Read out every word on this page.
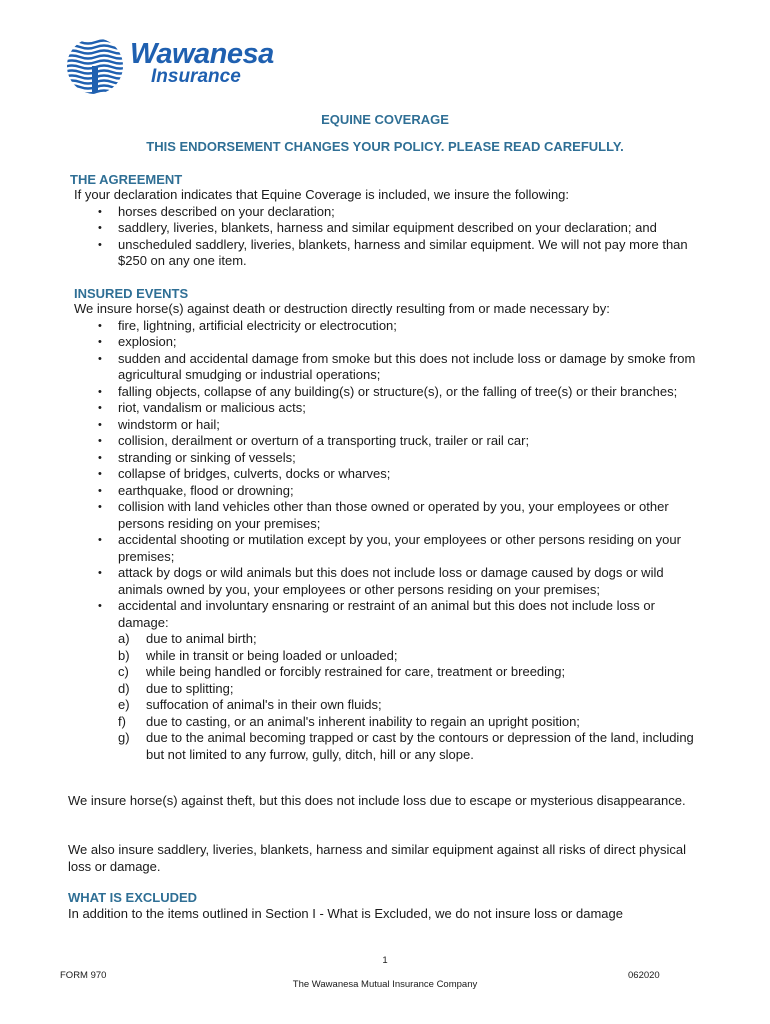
Wawanesa
Insurance
EQUINE COVERAGE
THIS ENDORSEMENT CHANGES YOUR POLICY. PLEASE READ CAREFULLY.
THE AGREEMENT
If your declaration indicates that Equine Coverage is included, we insure the following:
• horses described on your declaration;
• saddlery, liveries, blankets, harness and similar equipment described on your declaration; and
• unscheduled saddlery, liveries, blankets, harness and similar equipment. We will not pay more than $250 on any one item.
INSURED EVENTS
We insure horse(s) against death or destruction directly resulting from or made necessary by:
• fire, lightning, artificial electricity or electrocution;
• explosion;
• sudden and accidental damage from smoke but this does not include loss or damage by smoke from agricultural smudging or industrial operations;
• falling objects, collapse of any building(s) or structure(s), or the falling of tree(s) or their branches;
• riot, vandalism or malicious acts;
• windstorm or hail;
• collision, derailment or overturn of a transporting truck, trailer or rail car;
• stranding or sinking of vessels;
• collapse of bridges, culverts, docks or wharves;
• earthquake, flood or drowning;
• collision with land vehicles other than those owned or operated by you, your employees or other persons residing on your premises;
• accidental shooting or mutilation except by you, your employees or other persons residing on your premises;
• attack by dogs or wild animals but this does not include loss or damage caused by dogs or wild animals owned by you, your employees or other persons residing on your premises;
• accidental and involuntary ensnaring or restraint of an animal but this does not include loss or damage:
a) due to animal birth;
b) while in transit or being loaded or unloaded;
c) while being handled or forcibly restrained for care, treatment or breeding;
d) due to splitting;
e) suffocation of animal's in their own fluids;
f) due to casting, or an animal's inherent inability to regain an upright position;
g) due to the animal becoming trapped or cast by the contours or depression of the land, including but not limited to any furrow, gully, ditch, hill or any slope.
We insure horse(s) against theft, but this does not include loss due to escape or mysterious disappearance.
We also insure saddlery, liveries, blankets, harness and similar equipment against all risks of direct physical loss or damage.
WHAT IS EXCLUDED
In addition to the items outlined in Section I - What is Excluded, we do not insure loss or damage
1
FORM 970
The Wawanesa Mutual Insurance Company
062020
